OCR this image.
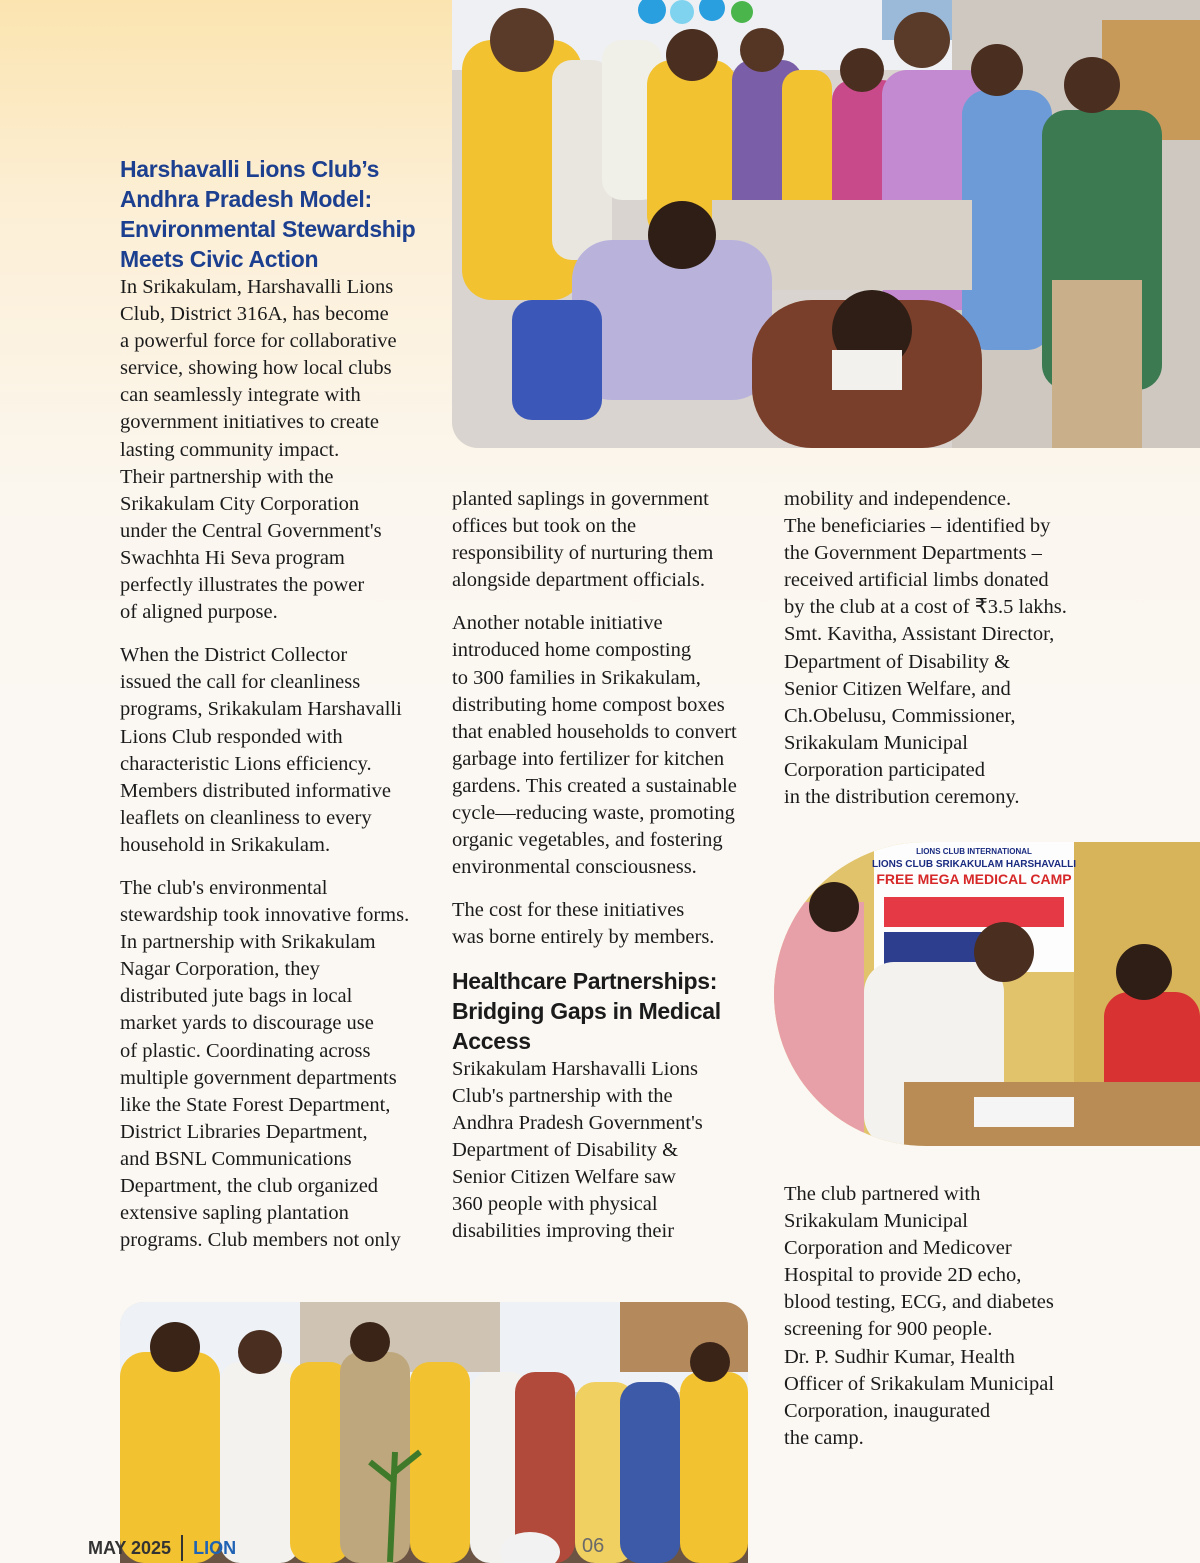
Harshavalli Lions Club’s
Andhra Pradesh Model:
Environmental Stewardship
Meets Civic Action

In Srikakulam, Harshavalli Lions
Club, District 316A, has become
a powerful force for collaborative
service, showing how local clubs
can seamlessly integrate with
government initiatives to create
lasting community impact.
Their partnership with the
Srikakulam City Corporation
under the Central Government's
Swachhta Hi Seva program
perfectly illustrates the power
of aligned purpose.

When the District Collector
issued the call for cleanliness
programs, Srikakulam Harshavalli
Lions Club responded with
characteristic Lions efficiency.
Members distributed informative
leaflets on cleanliness to every
household in Srikakulam.

The club's environmental
stewardship took innovative forms.
In partnership with Srikakulam
Nagar Corporation, they
distributed jute bags in local
market yards to discourage use
of plastic. Coordinating across
multiple government departments
like the State Forest Department,
District Libraries Department,
and BSNL Communications
Department, the club organized
extensive sapling plantation
programs. Club members not only

planted saplings in government
offices but took on the
responsibility of nurturing them
alongside department officials.

Another notable initiative
introduced home composting
to 300 families in Srikakulam,
distributing home compost boxes
that enabled households to convert
garbage into fertilizer for kitchen
gardens. This created a sustainable
cycle—reducing waste, promoting
organic vegetables, and fostering
environmental consciousness.

The cost for these initiatives
was borne entirely by members.

Healthcare Partnerships:
Bridging Gaps in Medical
Access

Srikakulam Harshavalli Lions
Club's partnership with the
Andhra Pradesh Government's
Department of Disability &
Senior Citizen Welfare saw
360 people with physical
disabilities improving their

mobility and independence.
The beneficiaries – identified by
the Government Departments –
received artificial limbs donated
by the club at a cost of ₹3.5 lakhs.
Smt. Kavitha, Assistant Director,
Department of Disability &
Senior Citizen Welfare, and
Ch.Obelusu, Commissioner,
Srikakulam Municipal
Corporation participated
in the distribution ceremony.

LIONS CLUB INTERNATIONAL
LIONS CLUB SRIKAKULAM HARSHAVALLI
FREE MEGA MEDICAL CAMP

The club partnered with
Srikakulam Municipal
Corporation and Medicover
Hospital to provide 2D echo,
blood testing, ECG, and diabetes
screening for 900 people.
Dr. P. Sudhir Kumar, Health
Officer of Srikakulam Municipal
Corporation, inaugurated
the camp.

MAY 2025 LION	06
